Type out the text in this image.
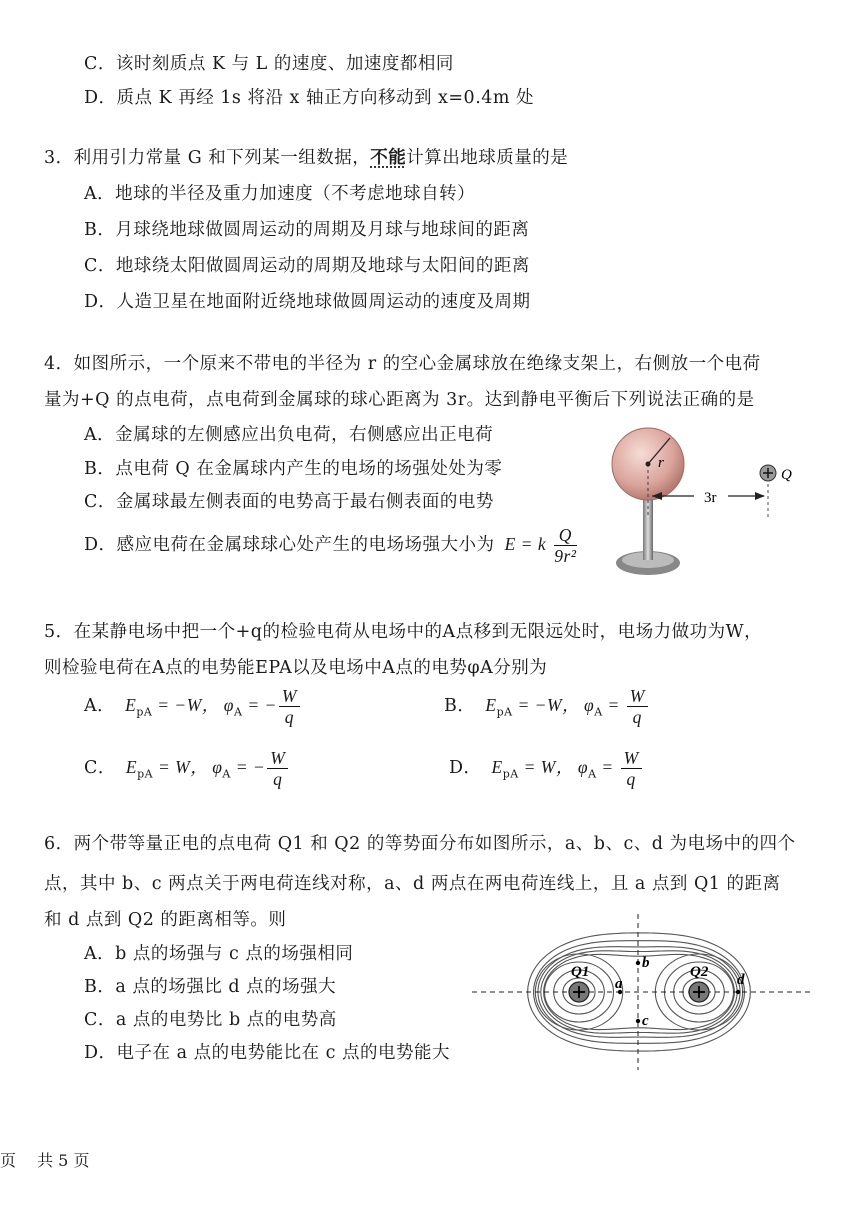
C．该时刻质点 K 与 L 的速度、加速度都相同
D．质点 K 再经 1s 将沿 x 轴正方向移动到 x=0.4m 处
3．利用引力常量 G 和下列某一组数据，不能计算出地球质量的是
A．地球的半径及重力加速度（不考虑地球自转）
B．月球绕地球做圆周运动的周期及月球与地球间的距离
C．地球绕太阳做圆周运动的周期及地球与太阳间的距离
D．人造卫星在地面附近绕地球做圆周运动的速度及周期
4．如图所示，一个原来不带电的半径为 r 的空心金属球放在绝缘支架上，右侧放一个电荷
量为+Q 的点电荷，点电荷到金属球的球心距离为 3r。达到静电平衡后下列说法正确的是
A．金属球的左侧感应出负电荷，右侧感应出正电荷
B．点电荷 Q 在金属球内产生的电场的场强处处为零
C．金属球最左侧表面的电势高于最右侧表面的电势
D．感应电荷在金属球球心处产生的电场场强大小为 E = k $\frac{Q}{\text{9r²}}$
r
3r
Q
5．在某静电场中把一个+q的检验电荷从电场中的A点移到无限远处时，电场力做功为W，
则检验电荷在A点的电势能EPA以及电场中A点的电势φA分别为
A． $E_{pA} = -W$， $\varphi_A$ = − $\frac{W}{q}$	B． $E_{pA} = -W$， $\varphi_A = \frac{W}{q}$
C． $E_{pA} = W$， $\varphi_A$ = − $\frac{W}{q}$	D． $E_{pA} = W$， $\varphi_A = \frac{W}{q}$
6．两个带等量正电的点电荷 Q1 和 Q2 的等势面分布如图所示，a、b、c、d 为电场中的四个
点，其中 b、c 两点关于两电荷连线对称，a、d 两点在两电荷连线上，且 a 点到 Q1 的距离
和 d 点到 Q2 的距离相等。则
A．b 点的场强与 c 点的场强相同
B．a 点的场强比 d 点的场强大
C．a 点的电势比 b 点的电势高
D．电子在 a 点的电势能比在 c 点的电势能大
Q1	Q2
a	d
b
c
页　 共 5 页
